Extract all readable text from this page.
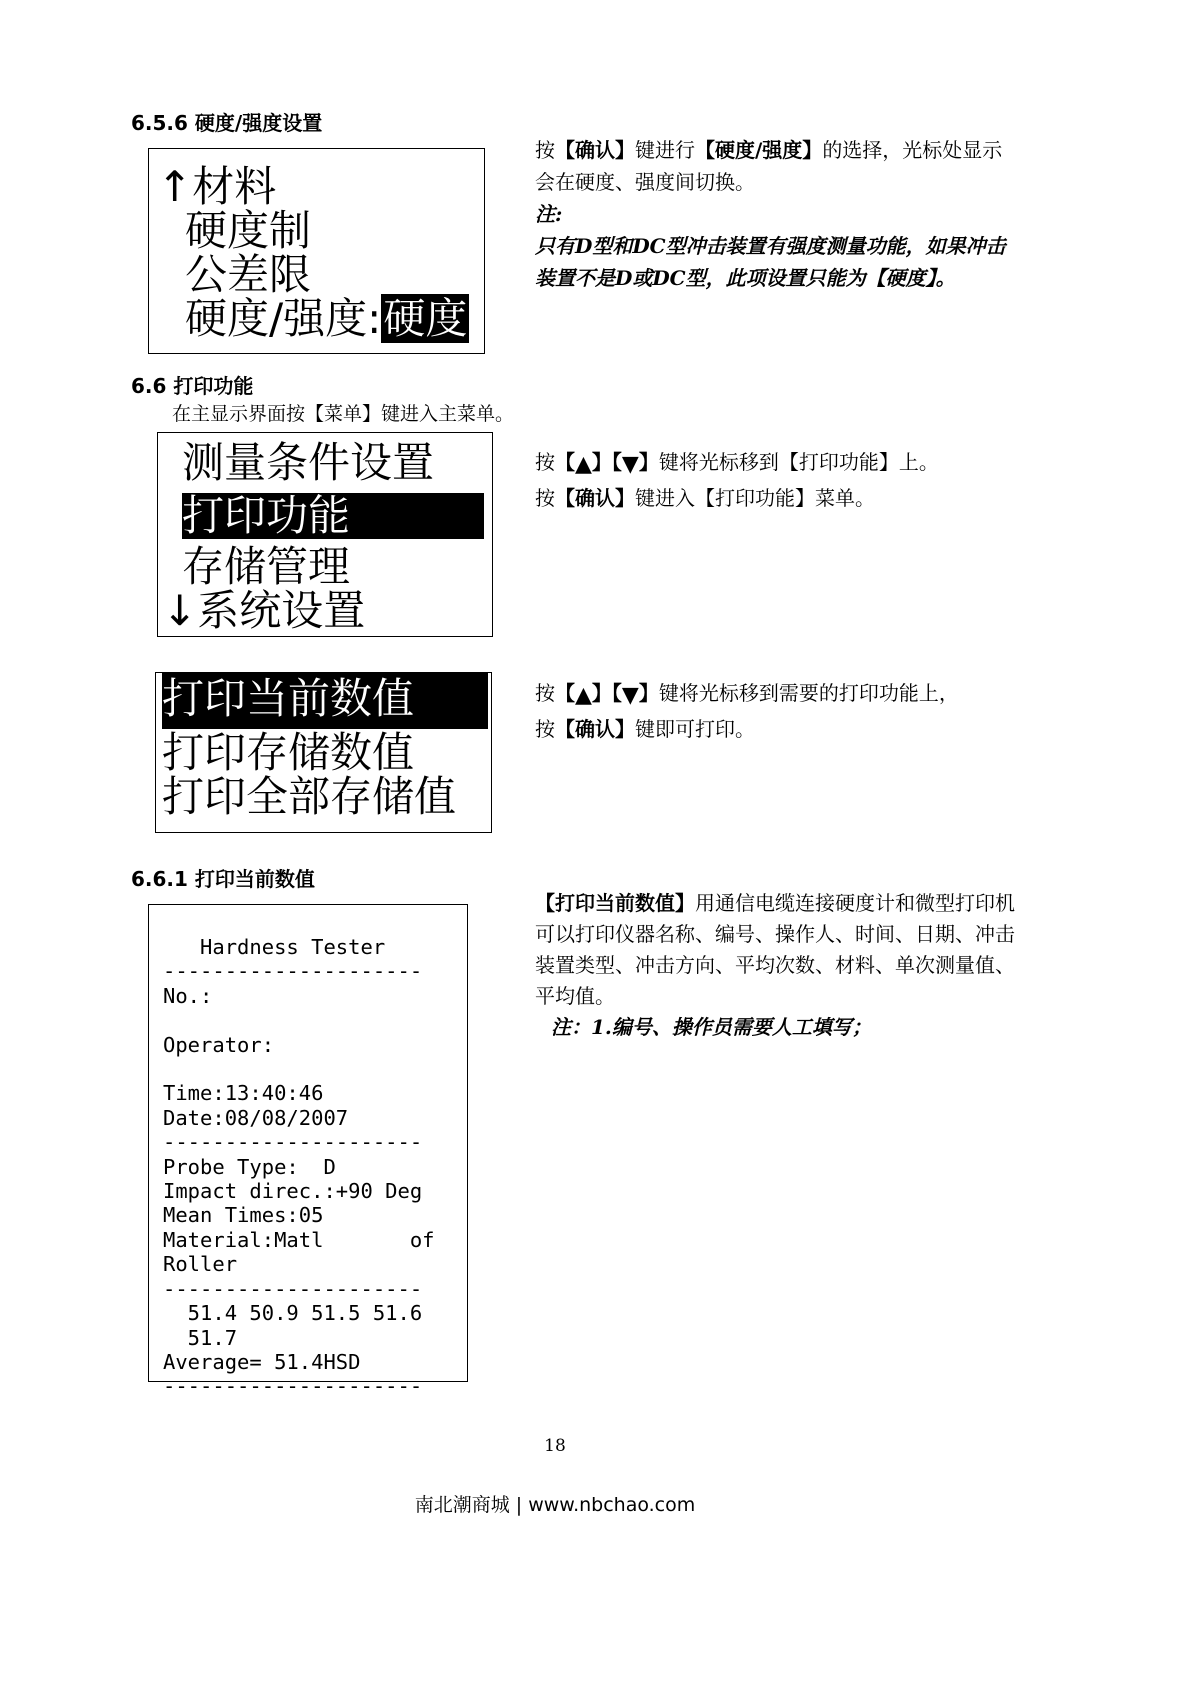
6.5.6 硬度/强度设置
↑材料
硬度制
公差限
硬度/强度:硬度
按【确认】键进行【硬度/强度】的选择，光标处显示会在硬度、强度间切换。
注:
只有D型和DC型冲击装置有强度测量功能，如果冲击装置不是D或DC型，此项设置只能为【硬度】。
6.6 打印功能
在主显示界面按【菜单】键进入主菜单。
测量条件设置
打印功能
存储管理
↓系统设置
按【▲】【▼】键将光标移到【打印功能】上。
按【确认】键进入【打印功能】菜单。
打印当前数值
打印存储数值
打印全部存储值
按【▲】【▼】键将光标移到需要的打印功能上，
按【确认】键即可打印。
6.6.1 打印当前数值
Hardness Tester
---------------------
No.:

Operator:

Time:13:40:46
Date:08/08/2007
---------------------
Probe Type:  D
Impact direc.:+90 Deg
Mean Times:05
Material:Matl       of
Roller
---------------------
51.4 50.9 51.5 51.6
51.7
Average= 51.4HSD
---------------------
【打印当前数值】用通信电缆连接硬度计和微型打印机可以打印仪器名称、编号、操作人、时间、日期、冲击装置类型、冲击方向、平均次数、材料、单次测量值、平均值。
注：1.编号、操作员需要人工填写；
18
南北潮商城 | www.nbchao.com
